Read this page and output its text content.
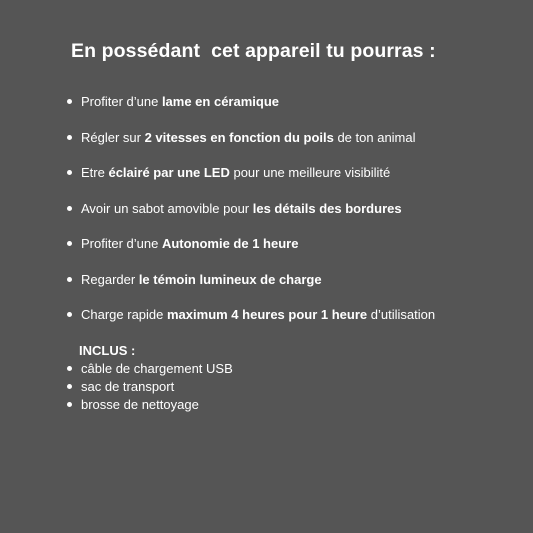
En possédant  cet appareil tu pourras :
Profiter d’une lame en céramique
Régler sur 2 vitesses en fonction du poils de ton animal
Etre éclairé par une LED pour une meilleure visibilité
Avoir un sabot amovible pour les détails des bordures
Profiter d’une Autonomie de 1 heure
Regarder le témoin lumineux de charge
Charge rapide maximum 4 heures pour 1 heure d’utilisation
INCLUS :
câble de chargement USB
sac de transport
brosse de nettoyage
